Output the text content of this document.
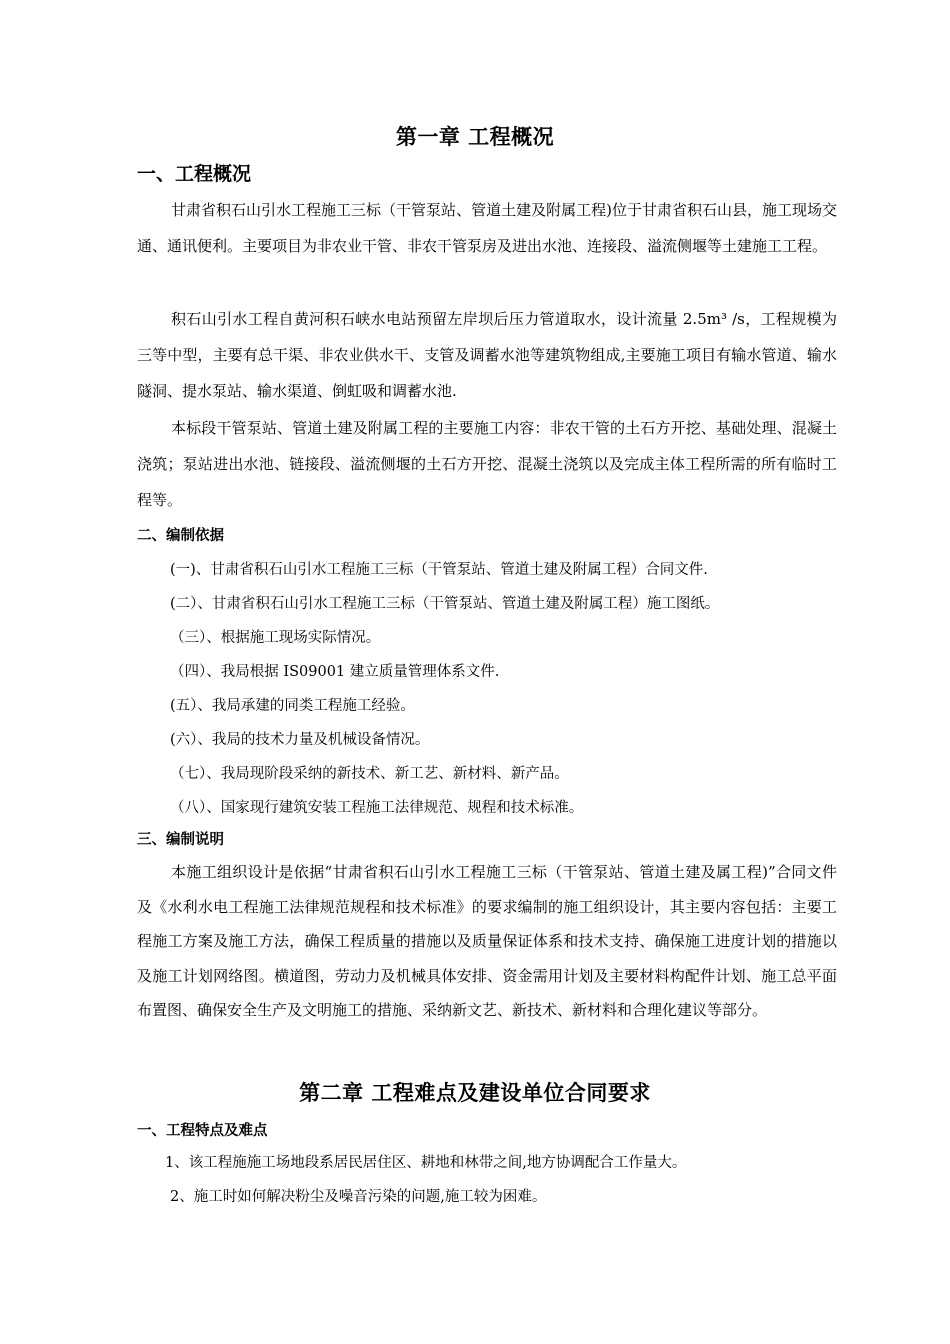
第一章 工程概况
一、工程概况

甘肃省积石山引水工程施工三标（干管泵站、管道土建及附属工程)位于甘肃省积石山县，施工现场交通、通讯便利。主要项目为非农业干管、非农干管泵房及进出水池、连接段、溢流侧堰等土建施工工程。

积石山引水工程自黄河积石峡水电站预留左岸坝后压力管道取水，设计流量 2.5m³ /s，工程规模为三等中型，主要有总干渠、非农业供水干、支管及调蓄水池等建筑物组成,主要施工项目有输水管道、输水隧洞、提水泵站、输水渠道、倒虹吸和调蓄水池.

本标段干管泵站、管道土建及附属工程的主要施工内容：非农干管的土石方开挖、基础处理、混凝土浇筑；泵站进出水池、链接段、溢流侧堰的土石方开挖、混凝土浇筑以及完成主体工程所需的所有临时工程等。

二、编制依据
(一)、甘肃省积石山引水工程施工三标（干管泵站、管道土建及附属工程）合同文件.
(二）、甘肃省积石山引水工程施工三标（干管泵站、管道土建及附属工程）施工图纸。
（三）、根据施工现场实际情况。
（四）、我局根据 IS09001 建立质量管理体系文件.
(五）、我局承建的同类工程施工经验。
(六）、我局的技术力量及机械设备情况。
（七）、我局现阶段采纳的新技术、新工艺、新材料、新产品。
（八）、国家现行建筑安装工程施工法律规范、规程和技术标准。
三、编制说明

本施工组织设计是依据“甘肃省积石山引水工程施工三标（干管泵站、管道土建及属工程)”合同文件及《水利水电工程施工法律规范规程和技术标准》的要求编制的施工组织设计，其主要内容包括：主要工程施工方案及施工方法，确保工程质量的措施以及质量保证体系和技术支持、确保施工进度计划的措施以及施工计划网络图。横道图，劳动力及机械具体安排、资金需用计划及主要材料构配件计划、施工总平面布置图、确保安全生产及文明施工的措施、采纳新文艺、新技术、新材料和合理化建议等部分。

第二章 工程难点及建设单位合同要求
一、工程特点及难点
1、该工程施施工场地段系居民居住区、耕地和林带之间,地方协调配合工作量大。
2、施工时如何解决粉尘及噪音污染的问题,施工较为困难。
